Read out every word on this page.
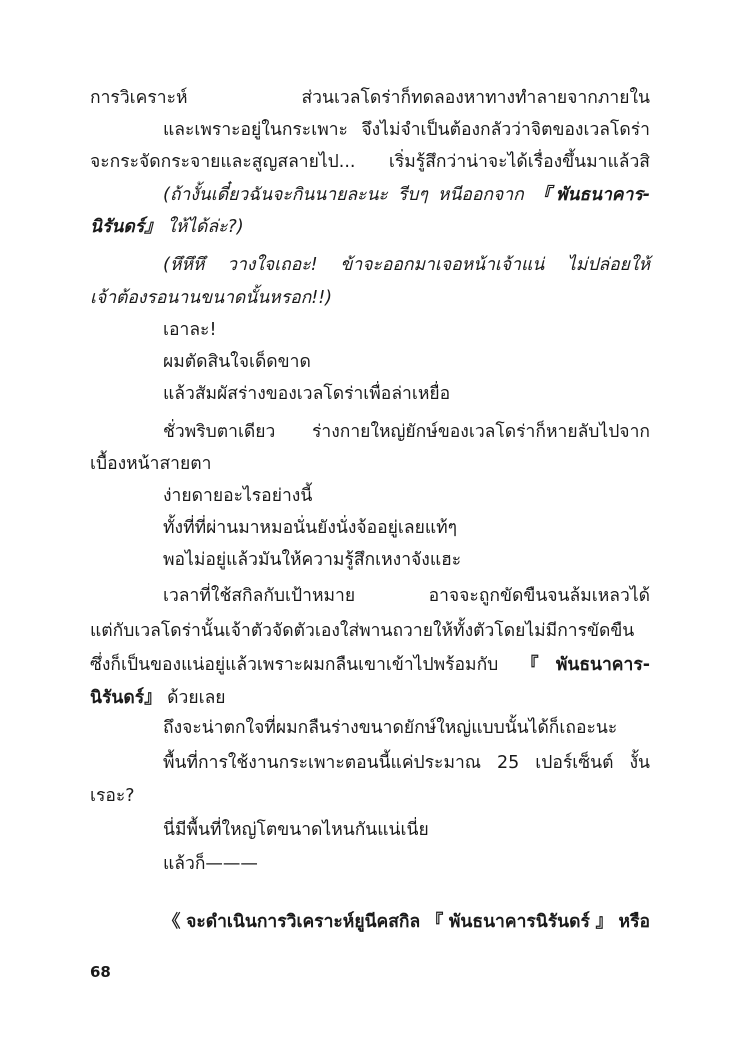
การวิเคราะห์ ส่วนเวลโดร่าก็ทดลองหาทางทำลายจากภายใน
และเพราะอยู่ในกระเพาะ จึงไม่จำเป็นต้องกลัวว่าจิตของเวลโดร่า
จะกระจัดกระจายและสูญสลายไป... เริ่มรู้สึกว่าน่าจะได้เรื่องขึ้นมาแล้วสิ
(ถ้างั้นเดี๋ยวฉันจะกินนายละนะ รีบๆ หนีออกจาก 『พันธนาคาร-
นิรันดร์』 ให้ได้ล่ะ?)
(หึหึหึ วางใจเถอะ! ข้าจะออกมาเจอหน้าเจ้าแน่ ไม่ปล่อยให้
เจ้าต้องรอนานขนาดนั้นหรอก!!)
เอาละ!
ผมตัดสินใจเด็ดขาด
แล้วสัมผัสร่างของเวลโดร่าเพื่อล่าเหยื่อ
ชั่วพริบตาเดียว ร่างกายใหญ่ยักษ์ของเวลโดร่าก็หายลับไปจาก
เบื้องหน้าสายตา
ง่ายดายอะไรอย่างนี้
ทั้งที่ที่ผ่านมาหมอนั่นยังนั่งจ้ออยู่เลยแท้ๆ
พอไม่อยู่แล้วมันให้ความรู้สึกเหงาจังแฮะ
เวลาที่ใช้สกิลกับเป้าหมาย อาจจะถูกขัดขืนจนล้มเหลวได้
แต่กับเวลโดร่านั้นเจ้าตัวจัดตัวเองใส่พานถวายให้ทั้งตัวโดยไม่มีการขัดขืน
ซึ่งก็เป็นของแน่อยู่แล้วเพราะผมกลืนเขาเข้าไปพร้อมกับ 『พันธนาคาร-
นิรันดร์』 ด้วยเลย
ถึงจะน่าตกใจที่ผมกลืนร่างขนาดยักษ์ใหญ่แบบนั้นได้ก็เถอะนะ
พื้นที่การใช้งานกระเพาะตอนนี้แค่ประมาณ 25 เปอร์เซ็นต์ งั้น
เรอะ?
นี่มีพื้นที่ใหญ่โตขนาดไหนกันแน่เนี่ย
แล้วก็———
《จะดำเนินการวิเคราะห์ยูนีคสกิล『พันธนาคารนิรันดร์』หรือ
68
